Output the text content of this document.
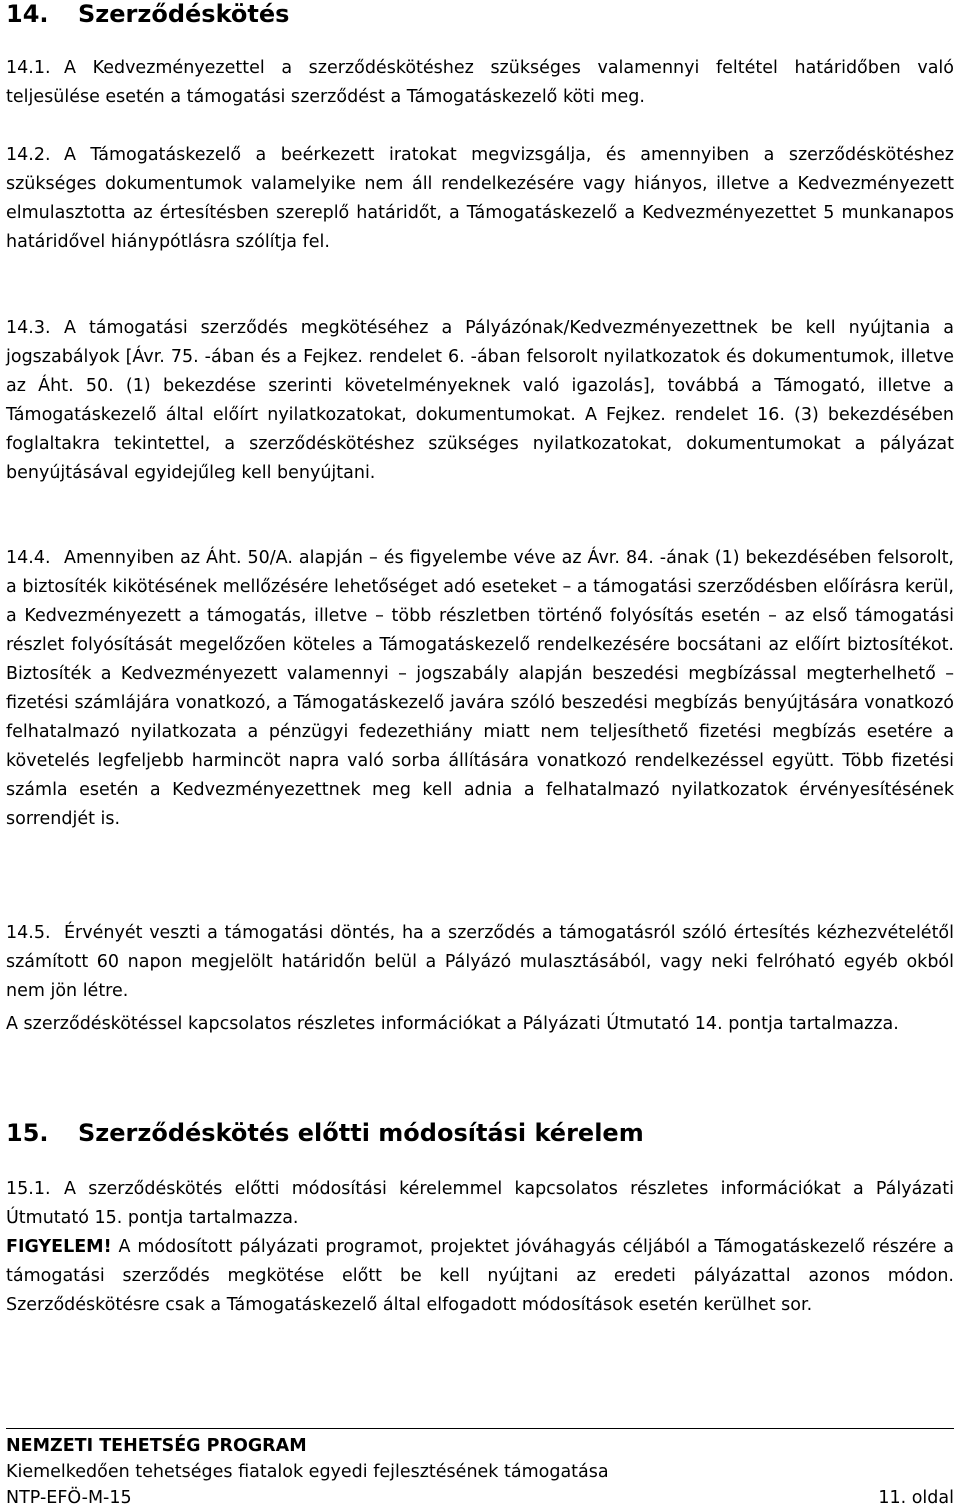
14.	Szerződéskötés

14.1. A Kedvezményezettel a szerződéskötéshez szükséges valamennyi feltétel határidőben való teljesülése esetén a támogatási szerződést a Támogatáskezelő köti meg.

14.2. A Támogatáskezelő a beérkezett iratokat megvizsgálja, és amennyiben a szerződéskötéshez szükséges dokumentumok valamelyike nem áll rendelkezésére vagy hiányos, illetve a Kedvezményezett elmulasztotta az értesítésben szereplő határidőt, a Támogatáskezelő a Kedvezményezettet 5 munkanapos határidővel hiánypótlásra szólítja fel.

14.3. A támogatási szerződés megkötéséhez a Pályázónak/Kedvezményezettnek be kell nyújtania a jogszabályok [Ávr. 75. -ában és a Fejkez. rendelet 6. -ában felsorolt nyilatkozatok és dokumentumok, illetve az Áht. 50. (1) bekezdése szerinti követelményeknek való igazolás], továbbá a Támogató, illetve a Támogatáskezelő által előírt nyilatkozatokat, dokumentumokat. A Fejkez. rendelet 16. (3) bekezdésében foglaltakra tekintettel, a szerződéskötéshez szükséges nyilatkozatokat, dokumentumokat a pályázat benyújtásával egyidejűleg kell benyújtani.

14.4. Amennyiben az Áht. 50/A. alapján – és figyelembe véve az Ávr. 84. -ának (1) bekezdésében felsorolt, a biztosíték kikötésének mellőzésére lehetőséget adó eseteket – a támogatási szerződésben előírásra kerül, a Kedvezményezett a támogatás, illetve – több részletben történő folyósítás esetén – az első támogatási részlet folyósítását megelőzően köteles a Támogatáskezelő rendelkezésére bocsátani az előírt biztosítékot. Biztosíték a Kedvezményezett valamennyi – jogszabály alapján beszedési megbízással megterhelhető – fizetési számlájára vonatkozó, a Támogatáskezelő javára szóló beszedési megbízás benyújtására vonatkozó felhatalmazó nyilatkozata a pénzügyi fedezethiány miatt nem teljesíthető fizetési megbízás esetére a követelés legfeljebb harmincöt napra való sorba állítására vonatkozó rendelkezéssel együtt. Több fizetési számla esetén a Kedvezményezettnek meg kell adnia a felhatalmazó nyilatkozatok érvényesítésének sorrendjét is.

14.5. Érvényét veszti a támogatási döntés, ha a szerződés a támogatásról szóló értesítés kézhezvételétől számított 60 napon megjelölt határidőn belül a Pályázó mulasztásából, vagy neki felróható egyéb okból nem jön létre.

A szerződéskötéssel kapcsolatos részletes információkat a Pályázati Útmutató 14. pontja tartalmazza.

15.	Szerződéskötés előtti módosítási kérelem

15.1. A szerződéskötés előtti módosítási kérelemmel kapcsolatos részletes információkat a Pályázati Útmutató 15. pontja tartalmazza.

FIGYELEM! A módosított pályázati programot, projektet jóváhagyás céljából a Támogatáskezelő részére a támogatási szerződés megkötése előtt be kell nyújtani az eredeti pályázattal azonos módon. Szerződéskötésre csak a Támogatáskezelő által elfogadott módosítások esetén kerülhet sor.

NEMZETI TEHETSÉG PROGRAM
Kiemelkedően tehetséges fiatalok egyedi fejlesztésének támogatása
NTP-EFÖ-M-15	11. oldal
